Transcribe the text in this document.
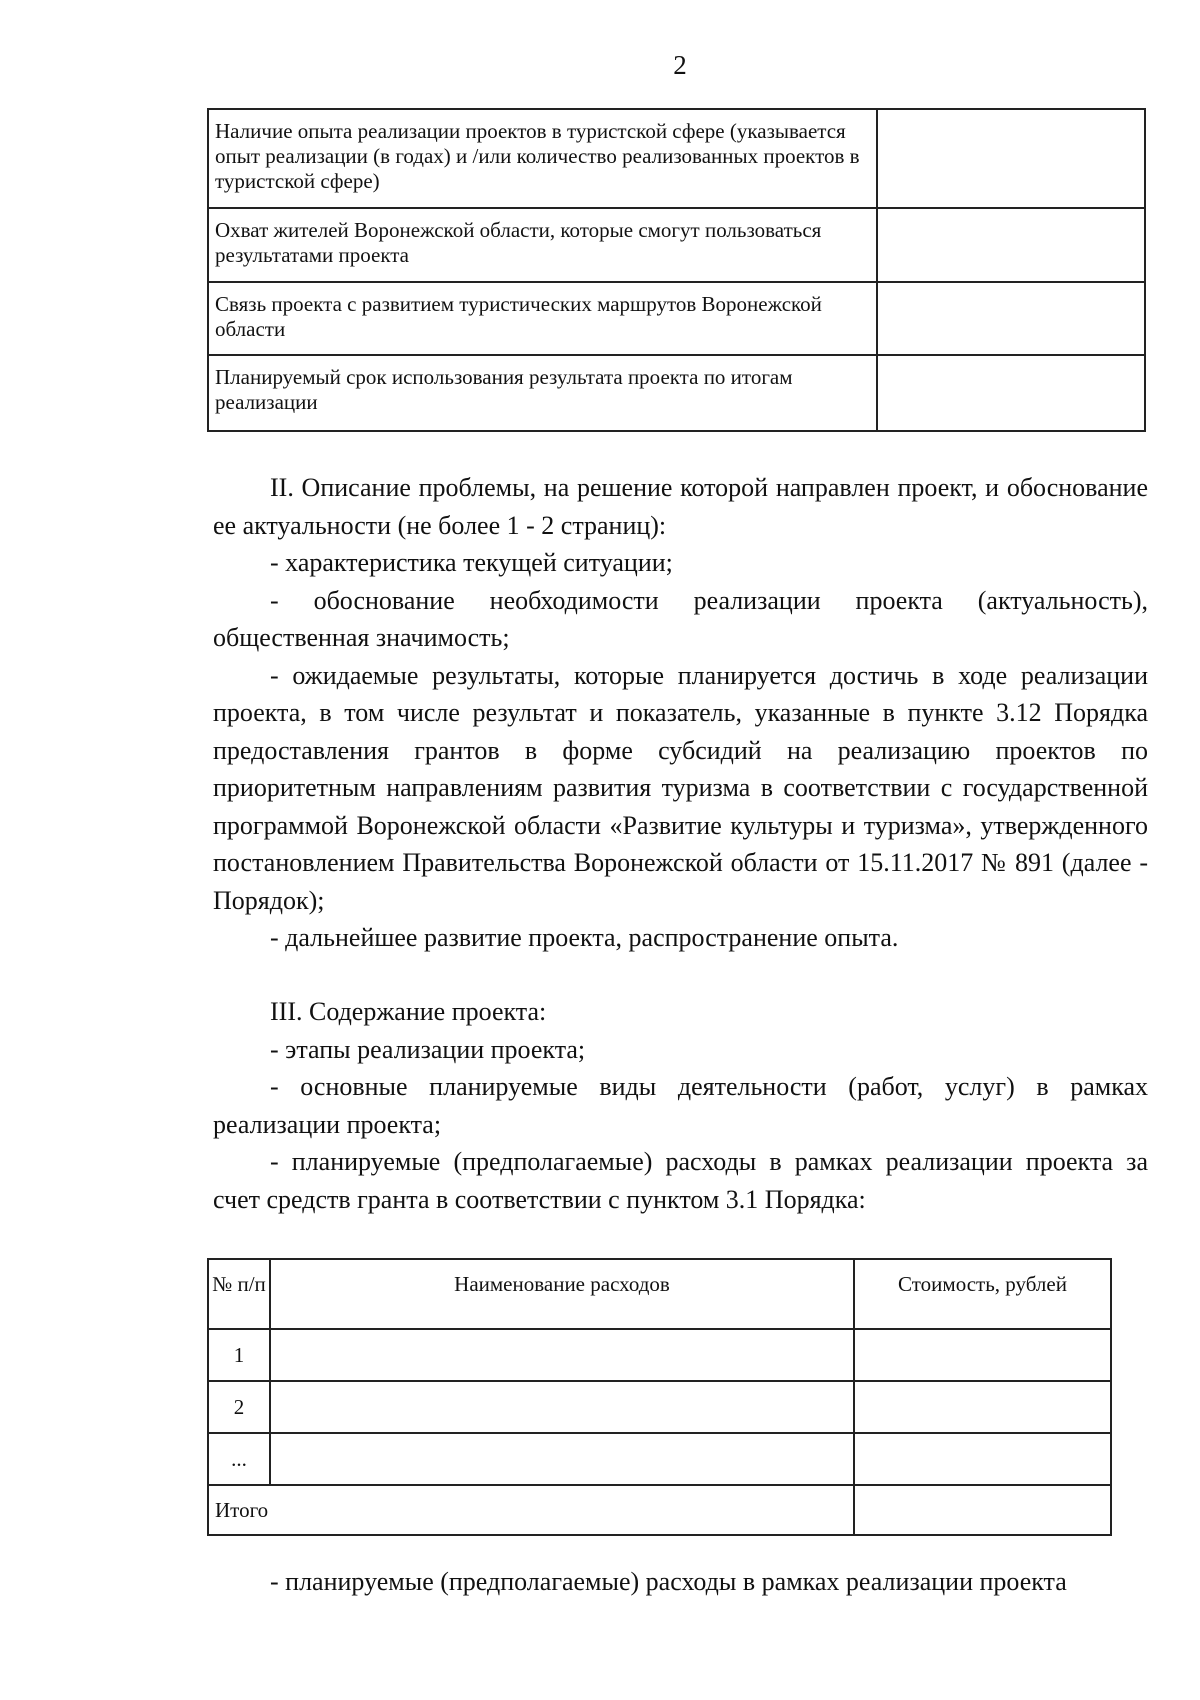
2
Наличие опыта реализации проектов в туристской сфере (указывается опыт реализации (в годах) и /или количество реализованных проектов в туристской сфере)	
Охват жителей Воронежской области, которые смогут пользоваться результатами проекта	
Связь проекта с развитием туристических маршрутов Воронежской области	
Планируемый срок использования результата проекта по итогам реализации	

II. Описание проблемы, на решение которой направлен проект, и обоснование ее актуальности (не более 1 - 2 страниц):

- характеристика текущей ситуации;

- обоснование необходимости реализации проекта (актуальность), общественная значимость;

- ожидаемые результаты, которые планируется достичь в ходе реализации проекта, в том числе результат и показатель, указанные в пункте 3.12 Порядка предоставления грантов в форме субсидий на реализацию проектов по приоритетным направлениям развития туризма в соответствии с государственной программой Воронежской области «Развитие культуры и туризма», утвержденного постановлением Правительства Воронежской области от 15.11.2017 № 891 (далее - Порядок);

- дальнейшее развитие проекта, распространение опыта.

III. Содержание проекта:

- этапы реализации проекта;

- основные планируемые виды деятельности (работ, услуг) в рамках реализации проекта;

- планируемые (предполагаемые) расходы в рамках реализации проекта за счет средств гранта в соответствии с пунктом 3.1 Порядка:

№ п/п	Наименование расходов	Стоимость, рублей
1		
2		
...		
Итого		
- планируемые (предполагаемые) расходы в рамках реализации проекта
